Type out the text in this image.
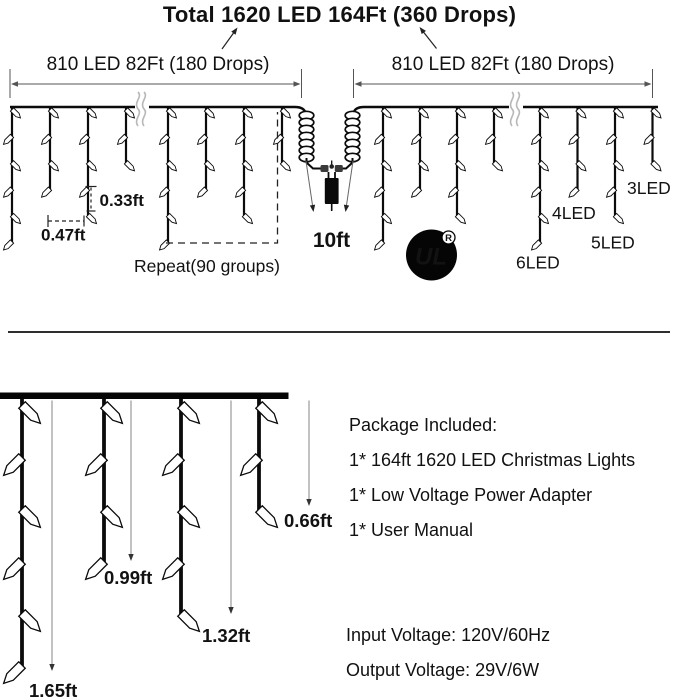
Total 1620 LED 164Ft (360 Drops)
810 LED 82Ft (180 Drops)	810 LED 82Ft (180 Drops)
0.33ft
0.47ft
Repeat(90 groups)
10ft
UL
R
3LED
4LED
5LED
6LED
0.66ft
0.99ft
1.32ft
1.65ft
Package Included:
1* 164ft 1620 LED Christmas Lights
1* Low Voltage Power Adapter
1* User Manual
Input Voltage: 120V/60Hz
Output Voltage: 29V/6W
